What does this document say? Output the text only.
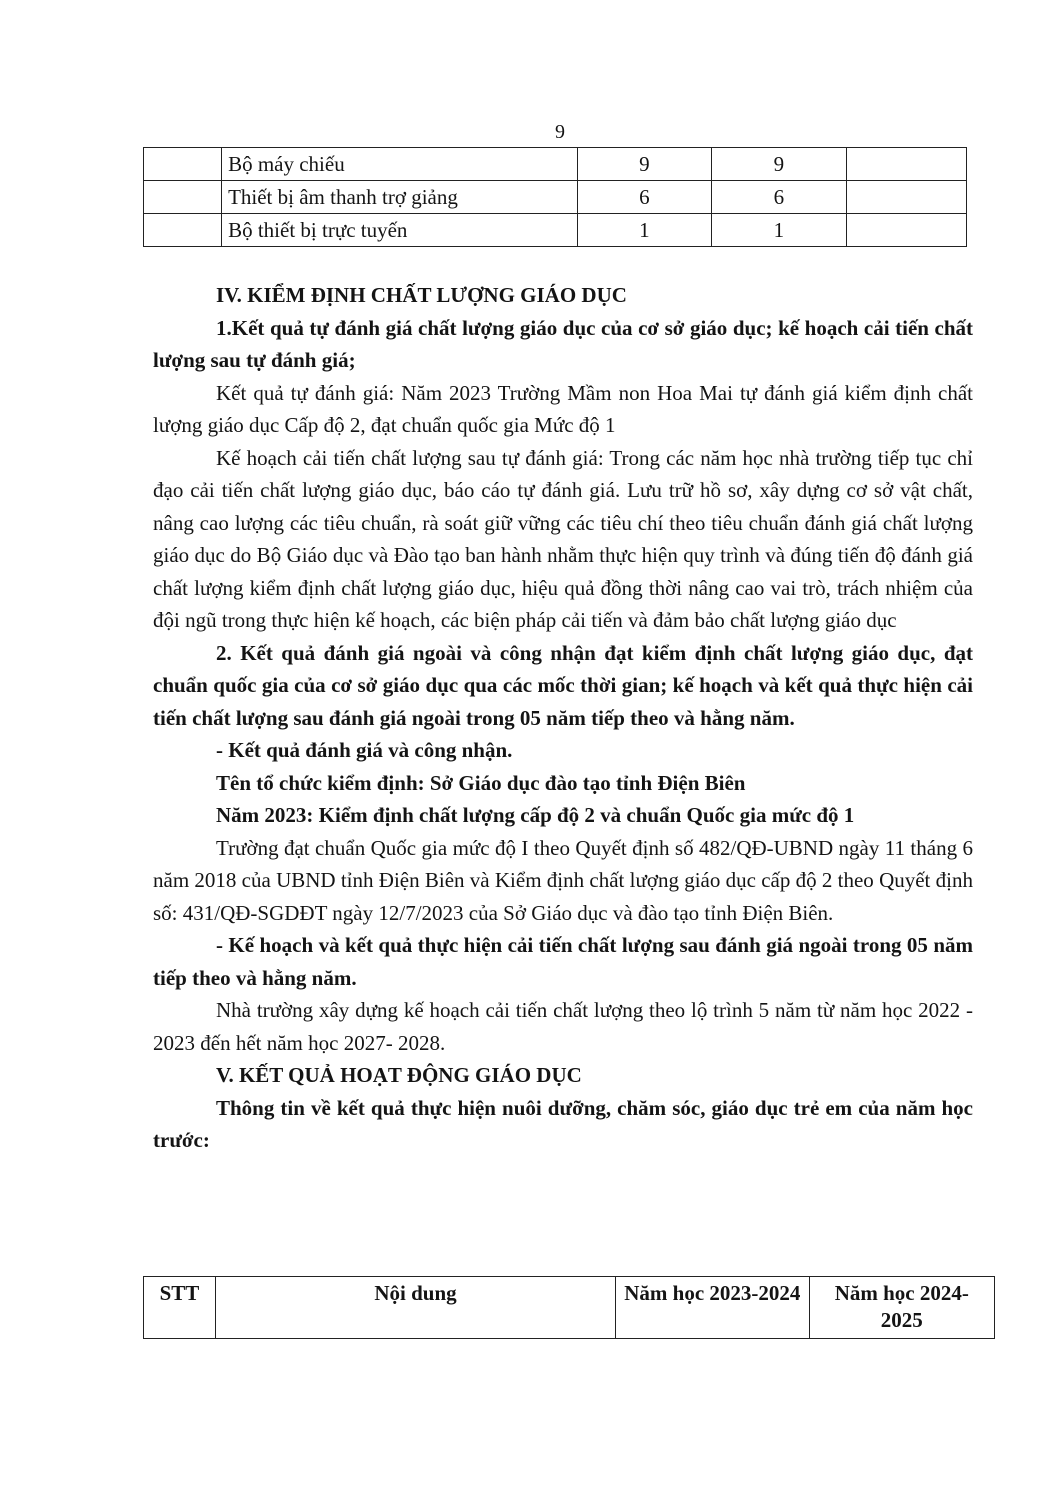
9
	Bộ máy chiếu	9	9	
	Thiết bị âm thanh trợ giảng	6	6	
	Bộ thiết bị trực tuyến	1	1	

IV. KIỂM ĐỊNH CHẤT LƯỢNG GIÁO DỤC

1.Kết quả tự đánh giá chất lượng giáo dục của cơ sở giáo dục; kế hoạch cải tiến chất lượng sau tự đánh giá;

Kết quả tự đánh giá: Năm 2023 Trường Mầm non Hoa Mai tự đánh giá kiểm định chất lượng giáo dục Cấp độ 2, đạt chuẩn quốc gia Mức độ 1

Kế hoạch cải tiến chất lượng sau tự đánh giá: Trong các năm học nhà trường tiếp tục chỉ đạo cải tiến chất lượng giáo dục, báo cáo tự đánh giá. Lưu trữ hồ sơ, xây dựng cơ sở vật chất, nâng cao lượng các tiêu chuẩn, rà soát giữ vững các tiêu chí theo tiêu chuẩn đánh giá chất lượng giáo dục do Bộ Giáo dục và Đào tạo ban hành nhằm thực hiện quy trình và đúng tiến độ đánh giá chất lượng kiểm định chất lượng giáo dục, hiệu quả đồng thời nâng cao vai trò, trách nhiệm của đội ngũ trong thực hiện kế hoạch, các biện pháp cải tiến và đảm bảo chất lượng giáo dục

2. Kết quả đánh giá ngoài và công nhận đạt kiểm định chất lượng giáo dục, đạt chuẩn quốc gia của cơ sở giáo dục qua các mốc thời gian; kế hoạch và kết quả thực hiện cải tiến chất lượng sau đánh giá ngoài trong 05 năm tiếp theo và hằng năm.

- Kết quả đánh giá và công nhận.

Tên tổ chức kiểm định: Sở Giáo dục đào tạo tỉnh Điện Biên

Năm 2023: Kiểm định chất lượng cấp độ 2 và chuẩn Quốc gia mức độ 1

Trường đạt chuẩn Quốc gia mức độ I theo Quyết định số 482/QĐ-UBND ngày 11 tháng 6 năm 2018 của UBND tỉnh Điện Biên và Kiểm định chất lượng giáo dục cấp độ 2 theo Quyết định số: 431/QĐ-SGDĐT ngày 12/7/2023 của Sở Giáo dục và đào tạo tỉnh Điện Biên.

- Kế hoạch và kết quả thực hiện cải tiến chất lượng sau đánh giá ngoài trong 05 năm tiếp theo và hằng năm.

Nhà trường xây dựng kế hoạch cải tiến chất lượng theo lộ trình 5 năm từ năm học 2022 - 2023 đến hết năm học 2027- 2028.

V. KẾT QUẢ HOẠT ĐỘNG GIÁO DỤC

Thông tin về kết quả thực hiện nuôi dưỡng, chăm sóc, giáo dục trẻ em của năm học trước:

STT	Nội dung	Năm học 2023-2024	Năm học 2024-2025
